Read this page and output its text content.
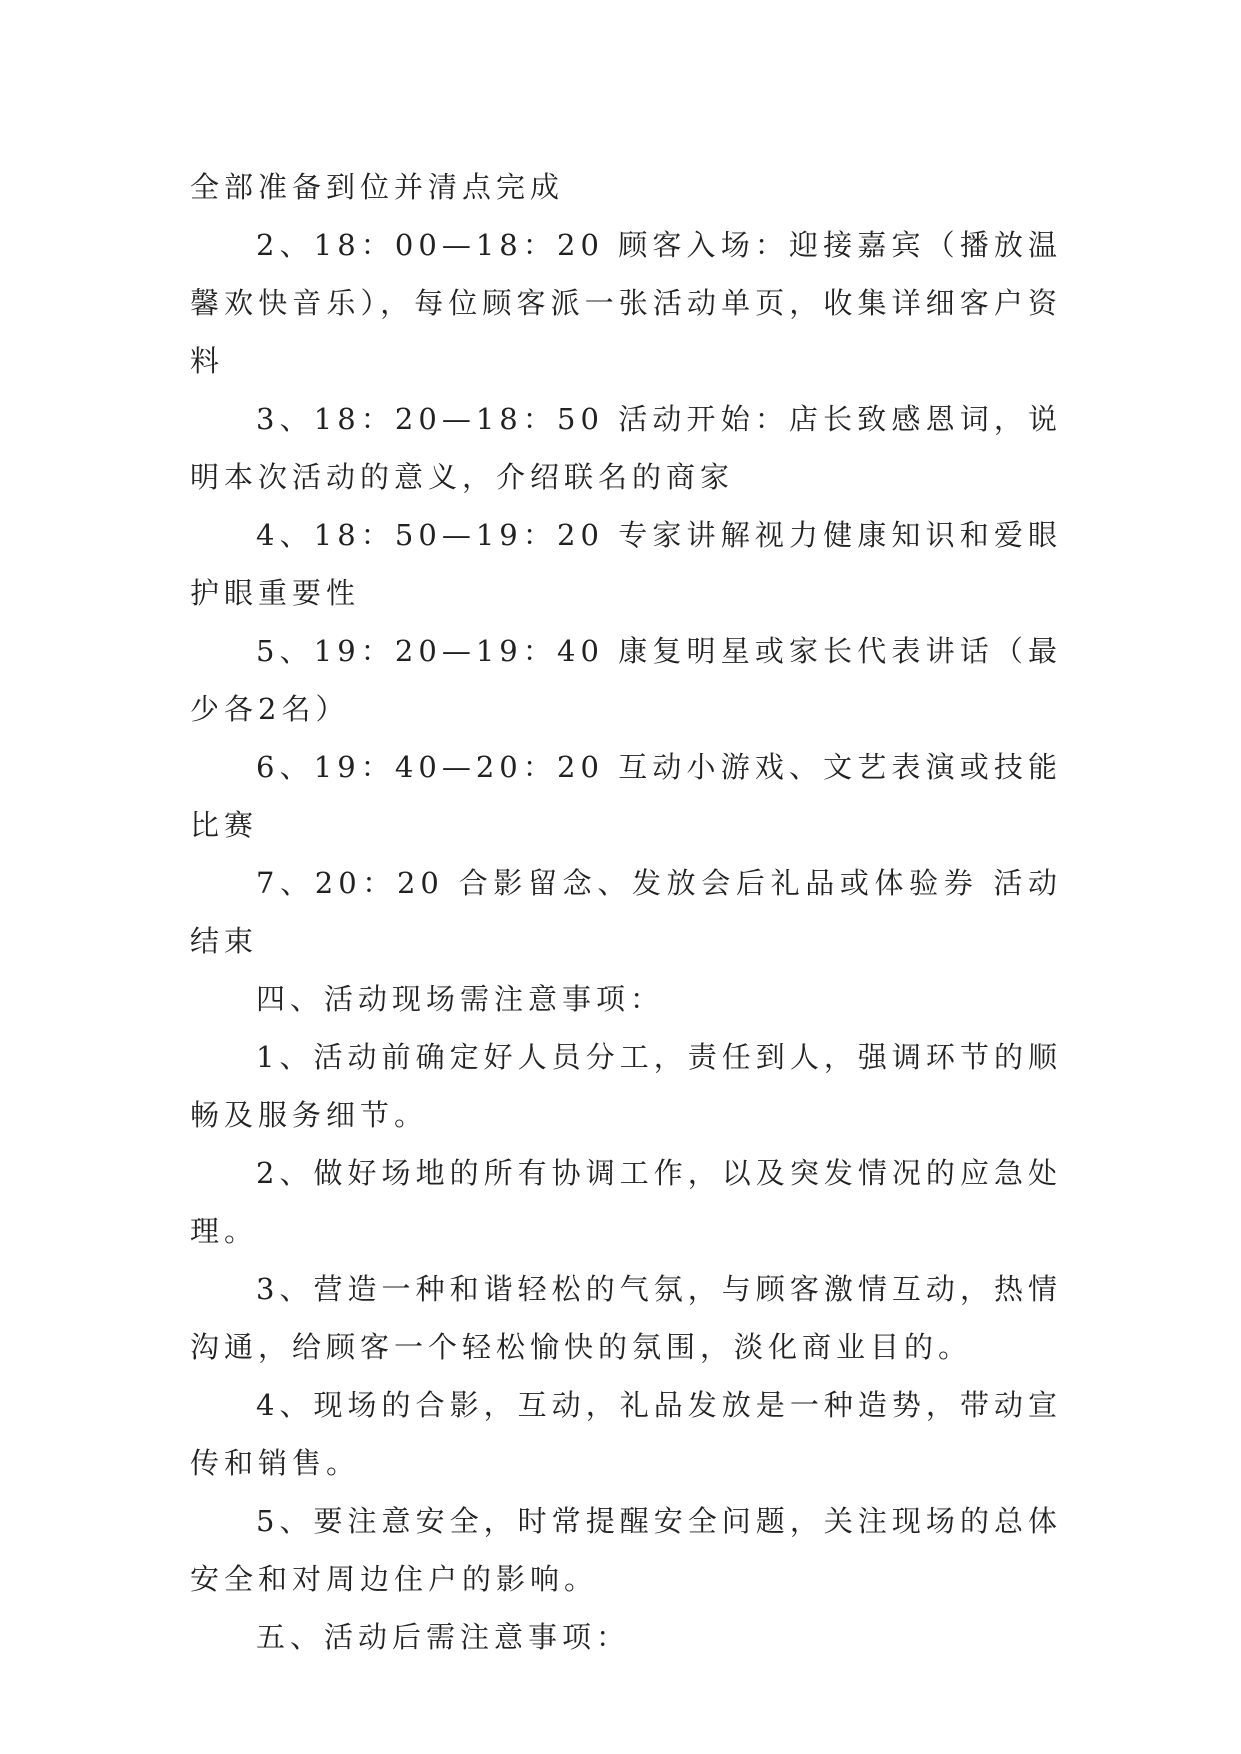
全部准备到位并清点完成

2、18：00—18：20 顾客入场：迎接嘉宾（播放温馨欢快音乐），每位顾客派一张活动单页，收集详细客户资料

3、18：20—18：50 活动开始：店长致感恩词，说明本次活动的意义，介绍联名的商家

4、18：50—19：20 专家讲解视力健康知识和爱眼护眼重要性

5、19：20—19：40 康复明星或家长代表讲话（最少各2名）

6、19：40—20：20 互动小游戏、文艺表演或技能比赛

7、20：20 合影留念、发放会后礼品或体验券 活动结束

四、活动现场需注意事项：

1、活动前确定好人员分工，责任到人，强调环节的顺畅及服务细节。

2、做好场地的所有协调工作，以及突发情况的应急处理。

3、营造一种和谐轻松的气氛，与顾客激情互动，热情沟通，给顾客一个轻松愉快的氛围，淡化商业目的。

4、现场的合影，互动，礼品发放是一种造势，带动宣传和销售。

5、要注意安全，时常提醒安全问题，关注现场的总体安全和对周边住户的影响。

五、活动后需注意事项：
